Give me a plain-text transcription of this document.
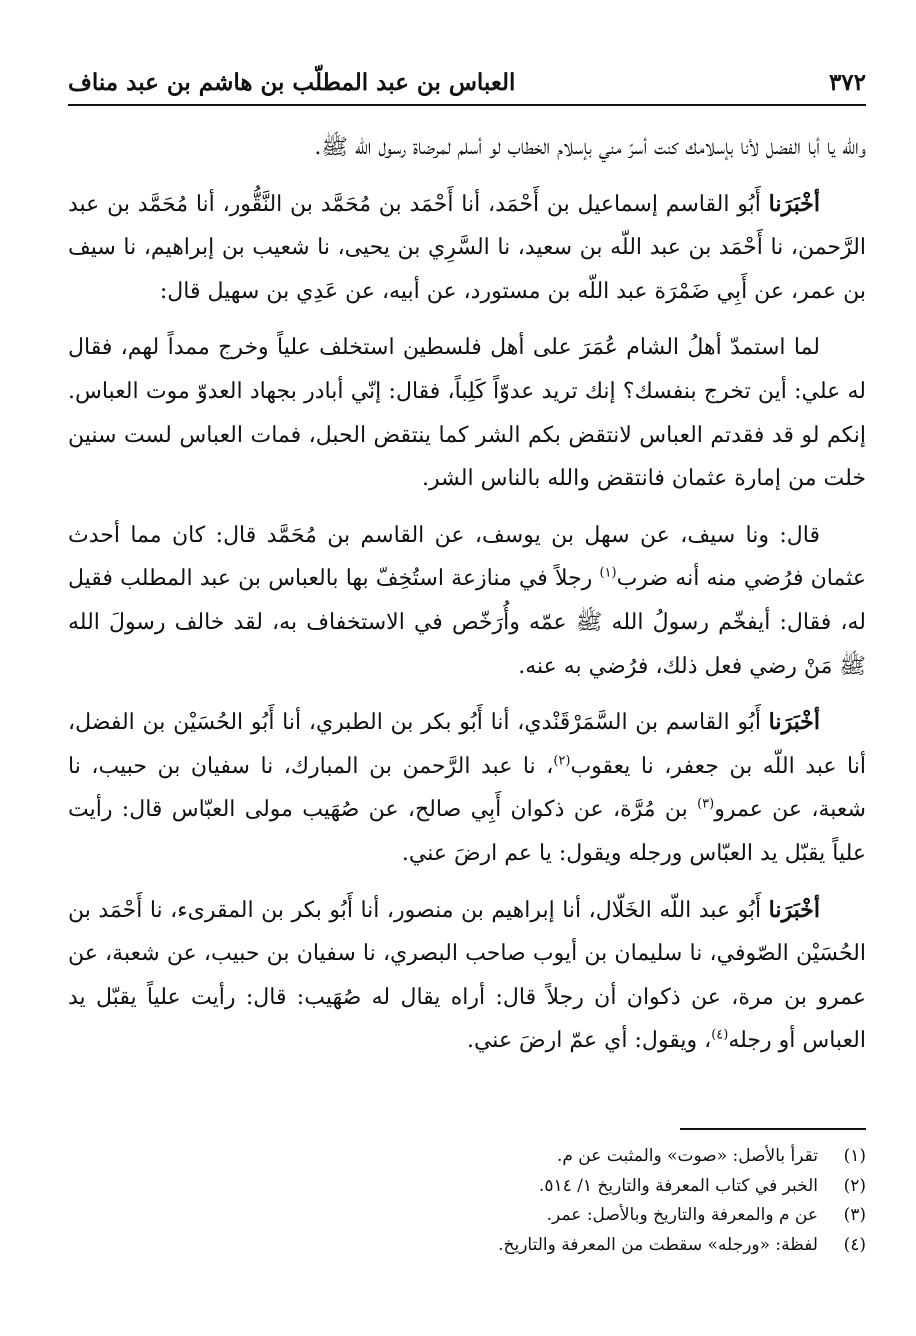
٣٧٢
العباس بن عبد المطلّب بن هاشم بن عبد مناف

والله يا أبا الفضل لأنا بإسلامك كنت أسرّ مني بإسلام الخطاب لو أسلم لمرضاة رسول الله ﷺ.

أخْبَرَنا أَبُو القاسم إسماعيل بن أَحْمَد، أنا أَحْمَد بن مُحَمَّد بن النَّقُّور، أنا مُحَمَّد بن عبد الرَّحمن، نا أَحْمَد بن عبد اللّه بن سعيد، نا السَّرِي بن يحيى، نا شعيب بن إبراهيم، نا سيف بن عمر، عن أَبِي ضَمْرَة عبد اللّه بن مستورد، عن أبيه، عن عَدِي بن سهيل قال:

لما استمدّ أهلُ الشام عُمَرَ على أهل فلسطين استخلف علياً وخرج ممداً لهم، فقال له علي: أين تخرج بنفسك؟ إنك تريد عدوّاً كَلِباً، فقال: إنّي أبادر بجهاد العدوّ موت العباس. إنكم لو قد فقدتم العباس لانتقض بكم الشر كما ينتقض الحبل، فمات العباس لست سنين خلت من إمارة عثمان فانتقض والله بالناس الشر.

قال: ونا سيف، عن سهل بن يوسف، عن القاسم بن مُحَمَّد قال: كان مما أحدث عثمان فرُضي منه أنه ضرب$^{(١)}$ رجلاً في منازعة استُخِفّ بها بالعباس بن عبد المطلب فقيل له، فقال: أيفخّم رسولُ الله ﷺ عمّه وأُرَخّص في الاستخفاف به، لقد خالف رسولَ الله ﷺ مَنْ رضي فعل ذلك، فرُضي به عنه.

أخْبَرَنا أَبُو القاسم بن السَّمَرْقَنْدي، أنا أَبُو بكر بن الطبري، أنا أَبُو الحُسَيْن بن الفضل، أنا عبد اللّه بن جعفر، نا يعقوب$^{(٢)}$، نا عبد الرَّحمن بن المبارك، نا سفيان بن حبيب، نا شعبة، عن عمرو$^{(٣)}$ بن مُرَّة، عن ذكوان أَبِي صالح، عن صُهَيب مولى العبّاس قال: رأيت علياً يقبّل يد العبّاس ورجله ويقول: يا عم ارضَ عني.

أخْبَرَنا أَبُو عبد اللّه الخَلّال، أنا إبراهيم بن منصور، أنا أَبُو بكر بن المقرىء، نا أَحْمَد بن الحُسَيْن الصّوفي، نا سليمان بن أيوب صاحب البصري، نا سفيان بن حبيب، عن شعبة، عن عمرو بن مرة، عن ذكوان أن رجلاً قال: أراه يقال له صُهَيب: قال: رأيت علياً يقبّل يد العباس أو رجله$^{(٤)}$، ويقول: أي عمّ ارضَ عني.

(١)
تقرأ بالأصل: «صوت» والمثبت عن م.
(٢)
الخبر في كتاب المعرفة والتاريخ ١/ ٥١٤.
(٣)
عن م والمعرفة والتاريخ وبالأصل: عمر.
(٤)
لفظة: «ورجله» سقطت من المعرفة والتاريخ.
